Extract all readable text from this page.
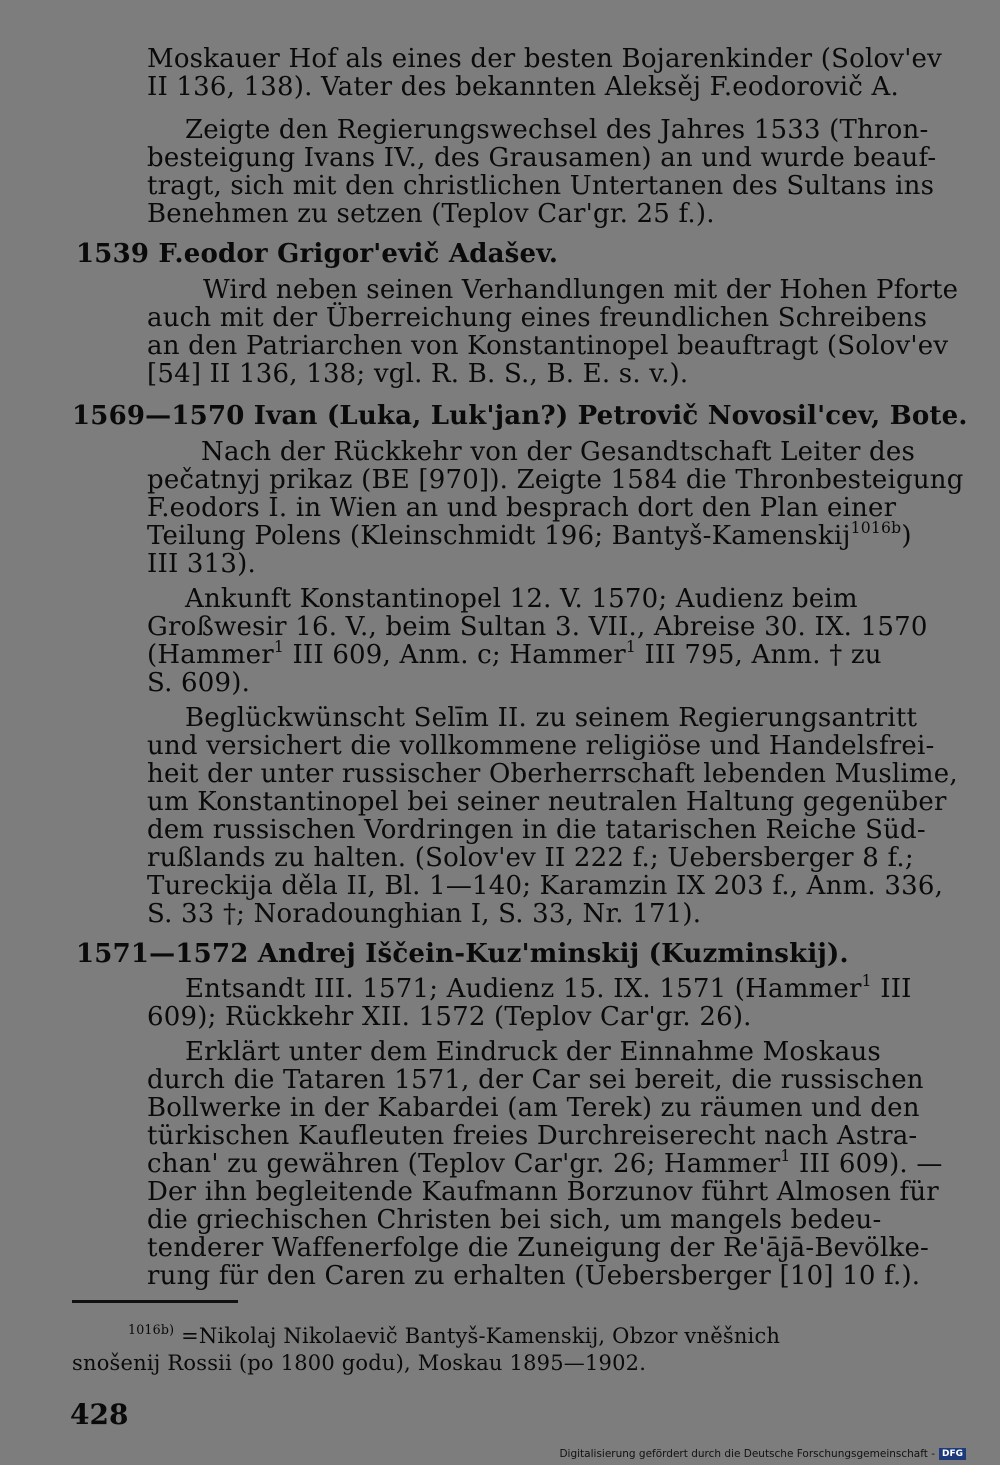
Moskauer Hof als eines der besten Bojarenkinder (Solov'ev
II 136, 138). Vater des bekannten Aleksěj F.eodorovič A.
Zeigte den Regierungswechsel des Jahres 1533 (Thron-
besteigung Ivans IV., des Grausamen) an und wurde beauf-
tragt, sich mit den christlichen Untertanen des Sultans ins
Benehmen zu setzen (Teplov Car'gr. 25 f.).
1539 F.eodor Grigor'evič Adašev.
Wird neben seinen Verhandlungen mit der Hohen Pforte
auch mit der Überreichung eines freundlichen Schreibens
an den Patriarchen von Konstantinopel beauftragt (Solov'ev
[54] II 136, 138; vgl. R. B. S., B. E. s. v.).
1569—1570 Ivan (Luka, Luk'jan?) Petrovič Novosil'cev, Bote.
Nach der Rückkehr von der Gesandtschaft Leiter des
pečatnyj prikaz (BE [970]). Zeigte 1584 die Thronbesteigung
F.eodors I. in Wien an und besprach dort den Plan einer
Teilung Polens (Kleinschmidt 196; Bantyš-Kamenskij$^{1016b}$)
III 313).
Ankunft Konstantinopel 12. V. 1570; Audienz beim
Großwesir 16. V., beim Sultan 3. VII., Abreise 30. IX. 1570
(Hammer$^1$ III 609, Anm. c; Hammer$^1$ III 795, Anm. † zu
S. 609).
Beglückwünscht Selīm II. zu seinem Regierungsantritt
und versichert die vollkommene religiöse und Handelsfrei-
heit der unter russischer Oberherrschaft lebenden Muslime,
um Konstantinopel bei seiner neutralen Haltung gegenüber
dem russischen Vordringen in die tatarischen Reiche Süd-
rußlands zu halten. (Solov'ev II 222 f.; Uebersberger 8 f.;
Tureckija děla II, Bl. 1—140; Karamzin IX 203 f., Anm. 336,
S. 33 †; Noradounghian I, S. 33, Nr. 171).
1571—1572 Andrej Iščein-Kuz'minskij (Kuzminskij).
Entsandt III. 1571; Audienz 15. IX. 1571 (Hammer$^1$ III
609); Rückkehr XII. 1572 (Teplov Car'gr. 26).
Erklärt unter dem Eindruck der Einnahme Moskaus
durch die Tataren 1571, der Car sei bereit, die russischen
Bollwerke in der Kabardei (am Terek) zu räumen und den
türkischen Kaufleuten freies Durchreiserecht nach Astra-
chan' zu gewähren (Teplov Car'gr. 26; Hammer$^1$ III 609). —
Der ihn begleitende Kaufmann Borzunov führt Almosen für
die griechischen Christen bei sich, um mangels bedeu-
tenderer Waffenerfolge die Zuneigung der Re'ājā-Bevölke-
rung für den Caren zu erhalten (Uebersberger [10] 10 f.).
$^{1016b)}$ =Nikolaj Nikolaevič Bantyš-Kamenskij, Obzor vněšnich
snošenij Rossii (po 1800 godu), Moskau 1895—1902.
428
Digitalisierung gefördert durch die Deutsche Forschungsgemeinschaft - DFG
